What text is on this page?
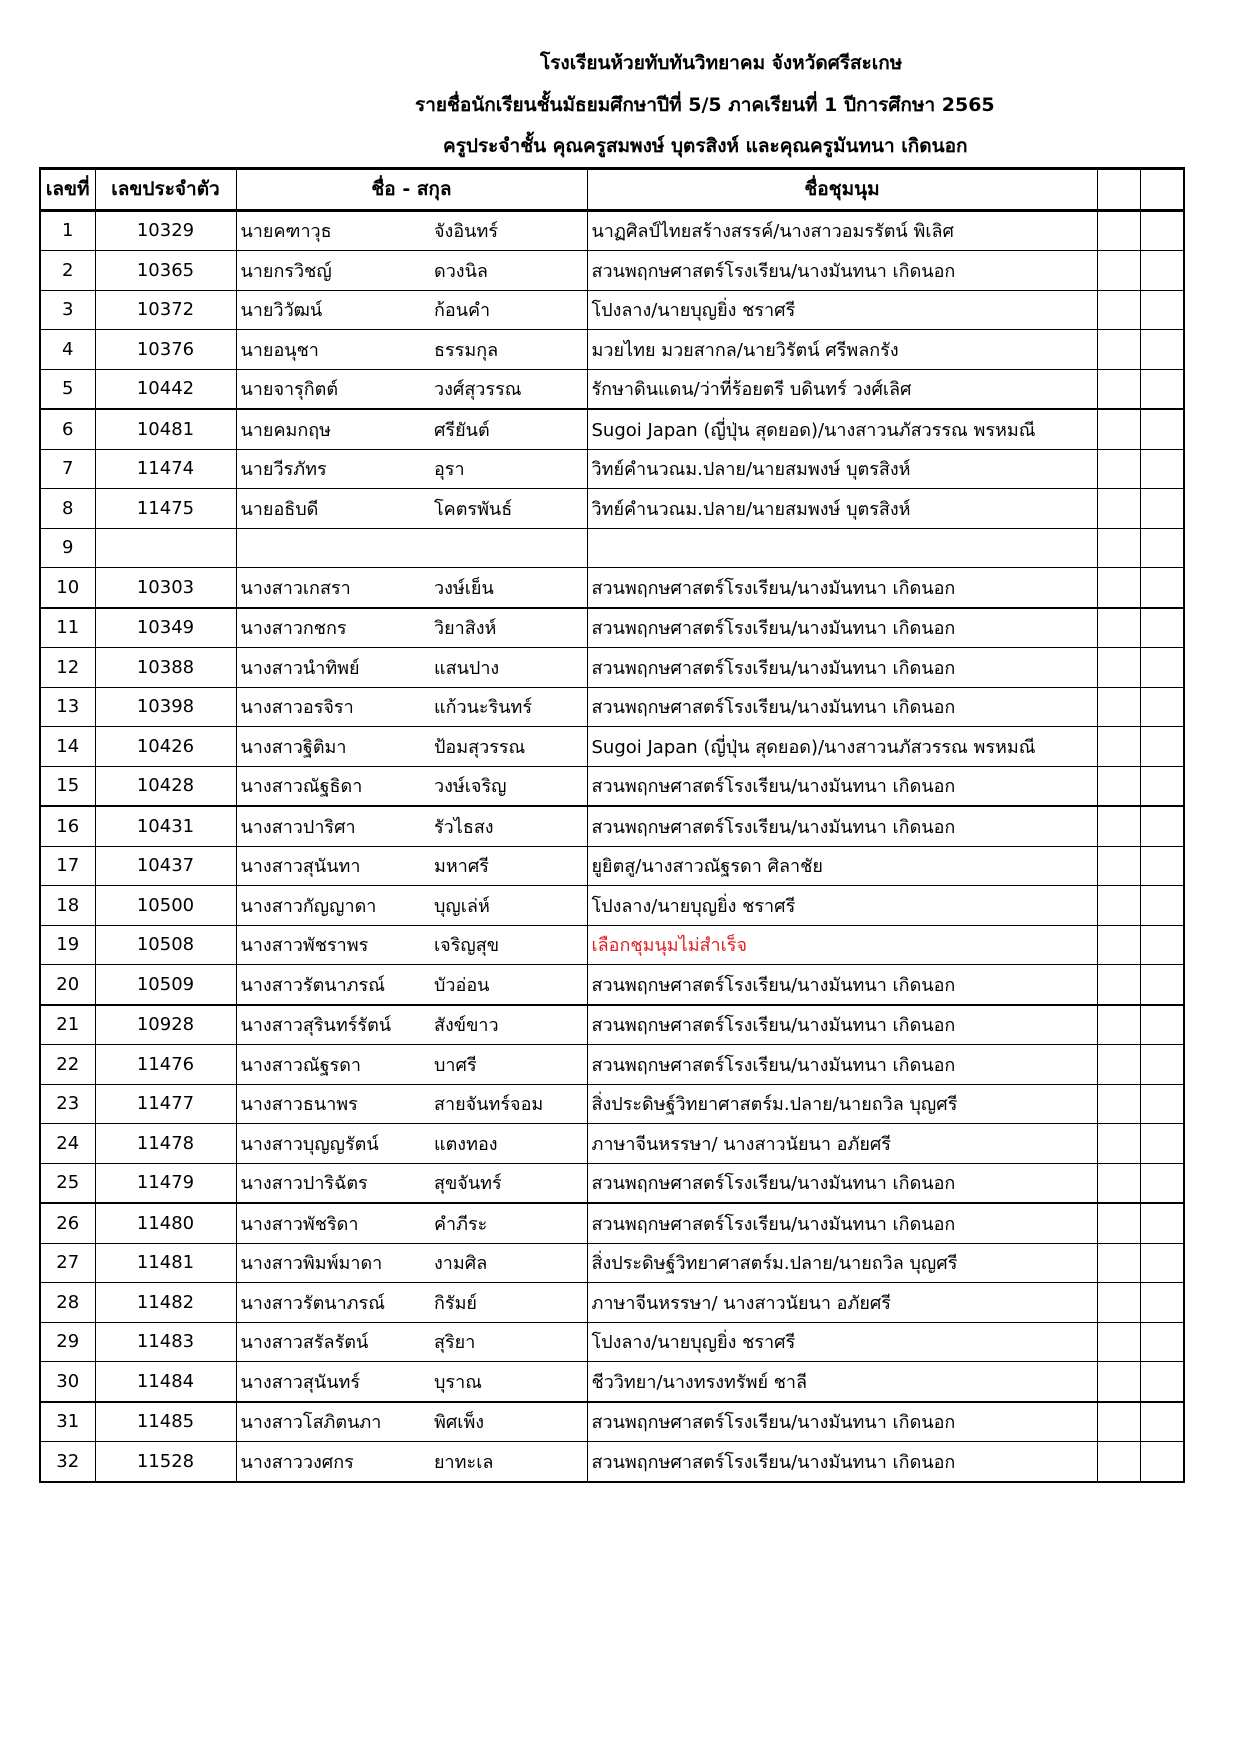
โรงเรียนห้วยทับทันวิทยาคม จังหวัดศรีสะเกษ
รายชื่อนักเรียนชั้นมัธยมศึกษาปีที่ 5/5 ภาคเรียนที่ 1 ปีการศึกษา 2565
ครูประจำชั้น คุณครูสมพงษ์ บุตรสิงห์ และคุณครูมันทนา เกิดนอก
เลขที่	เลขประจำตัว	ชื่อ - สกุล		ชื่อชุมนุม		
1	10329	นายคฑาวุธ	จังอินทร์	นาฏศิลป์ไทยสร้างสรรค์/นางสาวอมรรัตน์ พิเลิศ		
2	10365	นายกรวิชญ์	ดวงนิล	สวนพฤกษศาสตร์โรงเรียน/นางมันทนา เกิดนอก		
3	10372	นายวิวัฒน์	ก้อนคำ	โปงลาง/นายบุญยิ่ง ชราศรี		
4	10376	นายอนุชา	ธรรมกุล	มวยไทย มวยสากล/นายวิรัตน์ ศรีพลกรัง		
5	10442	นายจารุกิตต์	วงศ์สุวรรณ	รักษาดินแดน/ว่าที่ร้อยตรี บดินทร์ วงศ์เลิศ		
6	10481	นายคมกฤษ	ศรียันต์	Sugoi Japan (ญี่ปุ่น สุดยอด)/นางสาวนภัสวรรณ พรหมณี		
7	11474	นายวีรภัทร	อุรา	วิทย์คำนวณม.ปลาย/นายสมพงษ์ บุตรสิงห์		
8	11475	นายอธิบดี	โคตรพันธ์	วิทย์คำนวณม.ปลาย/นายสมพงษ์ บุตรสิงห์		
9						
10	10303	นางสาวเกสรา	วงษ์เย็น	สวนพฤกษศาสตร์โรงเรียน/นางมันทนา เกิดนอก		
11	10349	นางสาวกชกร	วิยาสิงห์	สวนพฤกษศาสตร์โรงเรียน/นางมันทนา เกิดนอก		
12	10388	นางสาวนำทิพย์	แสนปาง	สวนพฤกษศาสตร์โรงเรียน/นางมันทนา เกิดนอก		
13	10398	นางสาวอรจิรา	แก้วนะรินทร์	สวนพฤกษศาสตร์โรงเรียน/นางมันทนา เกิดนอก		
14	10426	นางสาวฐิติมา	ป้อมสุวรรณ	Sugoi Japan (ญี่ปุ่น สุดยอด)/นางสาวนภัสวรรณ พรหมณี		
15	10428	นางสาวณัฐธิดา	วงษ์เจริญ	สวนพฤกษศาสตร์โรงเรียน/นางมันทนา เกิดนอก		
16	10431	นางสาวปาริศา	รัวไธสง	สวนพฤกษศาสตร์โรงเรียน/นางมันทนา เกิดนอก		
17	10437	นางสาวสุนันทา	มหาศรี	ยูยิตสู/นางสาวณัฐรดา ศิลาชัย		
18	10500	นางสาวกัญญาดา	บุญเล่ห์	โปงลาง/นายบุญยิ่ง ชราศรี		
19	10508	นางสาวพัชราพร	เจริญสุข	เลือกชุมนุมไม่สำเร็จ		
20	10509	นางสาวรัตนาภรณ์	บัวอ่อน	สวนพฤกษศาสตร์โรงเรียน/นางมันทนา เกิดนอก		
21	10928	นางสาวสุรินทร์รัตน์	สังข์ขาว	สวนพฤกษศาสตร์โรงเรียน/นางมันทนา เกิดนอก		
22	11476	นางสาวณัฐรดา	บาศรี	สวนพฤกษศาสตร์โรงเรียน/นางมันทนา เกิดนอก		
23	11477	นางสาวธนาพร	สายจันทร์จอม	สิ่งประดิษฐ์วิทยาศาสตร์ม.ปลาย/นายถวิล บุญศรี		
24	11478	นางสาวบุญญรัตน์	แตงทอง	ภาษาจีนหรรษา/ นางสาวนัยนา อภัยศรี		
25	11479	นางสาวปาริฉัตร	สุขจันทร์	สวนพฤกษศาสตร์โรงเรียน/นางมันทนา เกิดนอก		
26	11480	นางสาวพัชริดา	คำภีระ	สวนพฤกษศาสตร์โรงเรียน/นางมันทนา เกิดนอก		
27	11481	นางสาวพิมพ์มาดา	งามศิล	สิ่งประดิษฐ์วิทยาศาสตร์ม.ปลาย/นายถวิล บุญศรี		
28	11482	นางสาวรัตนาภรณ์	กิรัมย์	ภาษาจีนหรรษา/ นางสาวนัยนา อภัยศรี		
29	11483	นางสาวสรัลรัตน์	สุริยา	โปงลาง/นายบุญยิ่ง ชราศรี		
30	11484	นางสาวสุนันทร์	บุราณ	ชีววิทยา/นางทรงทรัพย์ ชาลี		
31	11485	นางสาวโสภิตนภา	พิศเพ็ง	สวนพฤกษศาสตร์โรงเรียน/นางมันทนา เกิดนอก		
32	11528	นางสาววงศกร	ยาทะเล	สวนพฤกษศาสตร์โรงเรียน/นางมันทนา เกิดนอก		
